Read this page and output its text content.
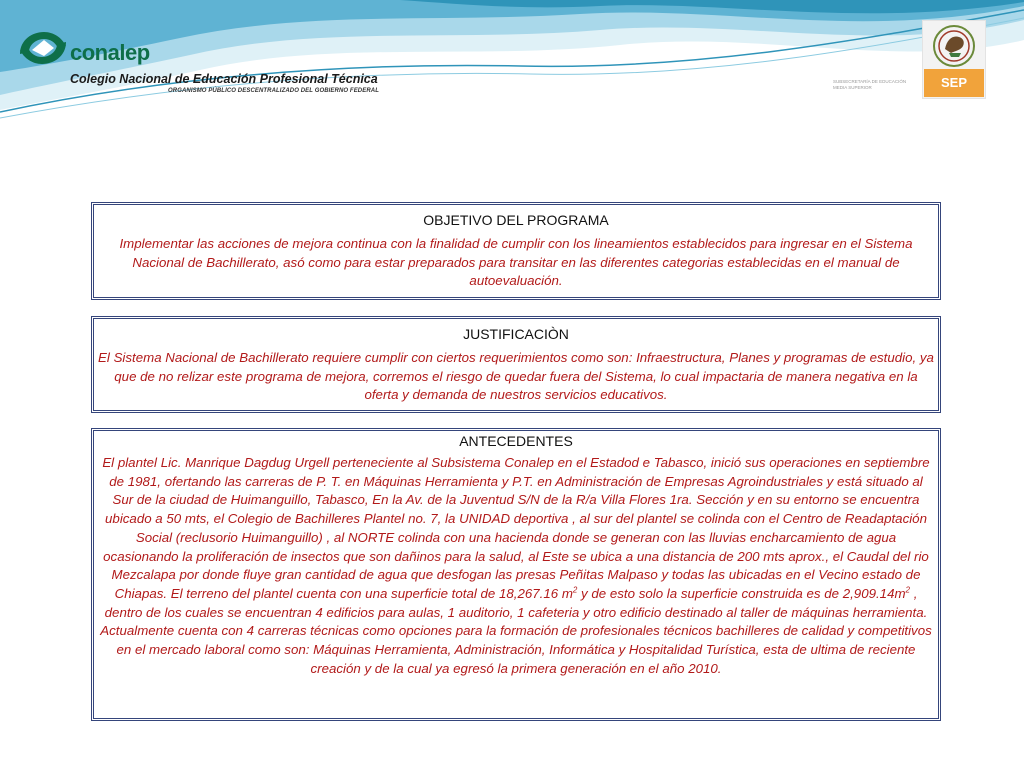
conalep
Colegio Nacional de Educación Profesional Técnica
ORGANISMO PÚBLICO DESCENTRALIZADO DEL GOBIERNO FEDERAL
SUBSECRETARÍA DE EDUCACIÓN MEDIA SUPERIOR	SEP
OBJETIVO DEL PROGRAMA
Implementar las acciones de mejora continua con la finalidad de cumplir con los lineamientos establecidos para ingresar en el Sistema Nacional de Bachillerato, asó como para estar preparados para transitar en las diferentes categorias establecidas en el manual de autoevaluación.
JUSTIFICACIÒN
El Sistema Nacional de Bachillerato requiere cumplir con ciertos requerimientos como son: Infraestructura, Planes y programas de estudio, ya que de no relizar este programa de mejora, corremos el riesgo de quedar fuera del Sistema, lo cual impactaria de manera negativa en la oferta y demanda de nuestros servicios educativos.
ANTECEDENTES
El plantel Lic. Manrique Dagdug Urgell perteneciente al Subsistema Conalep en el Estadod e Tabasco, inició sus operaciones en septiembre de 1981, ofertando las carreras de P. T. en Máquinas Herramienta y P.T. en Administración de Empresas Agroindustriales y está situado al Sur de la ciudad de Huimanguillo, Tabasco, En la Av. de la Juventud S/N de la R/a Villa Flores 1ra. Sección y en su entorno se encuentra ubicado a 50 mts, el Colegio de Bachilleres Plantel no. 7, la UNIDAD deportiva , al sur del plantel se colinda con el Centro de Readaptación Social (reclusorio Huimanguillo) , al NORTE colinda con una hacienda donde se generan con las lluvias encharcamiento de agua ocasionando la proliferación de insectos que son dañinos para la salud, al Este se ubica a una distancia de 200 mts aprox., el Caudal del rio Mezcalapa por donde fluye gran cantidad de agua que desfogan las presas Peñitas Malpaso y todas las ubicadas en el Vecino estado de Chiapas. El terreno del plantel cuenta con una superficie total de 18,267.16 $m^2$ y de esto solo la superficie construida es de $2,909.14m^2$ , dentro de los cuales se encuentran 4 edificios para aulas, 1 auditorio, 1 cafeteria y otro edificio destinado al taller de máquinas herramienta. Actualmente cuenta con 4 carreras técnicas como opciones para la formación de profesionales técnicos bachilleres de calidad y competitivos en el mercado laboral como son: Máquinas Herramienta, Administración, Informática y Hospitalidad Turística, esta de ultima de reciente creación y de la cual ya egresó la primera generación en el año 2010.
